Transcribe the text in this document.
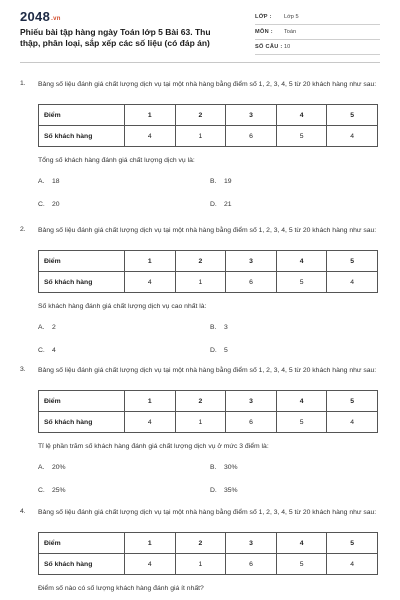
2048.vn
Phiếu bài tập hàng ngày Toán lớp 5 Bài 63. Thu thập, phân loại, sắp xếp các số liệu (có đáp án)
LỚP :	Lớp 5
MÔN :	Toán
SỐ CÂU : 10
1. Bảng số liệu đánh giá chất lượng dịch vụ tại một nhà hàng bằng điểm số 1, 2, 3, 4, 5 từ 20 khách hàng như sau:
Điểm	1	2	3	4	5
Số khách hàng	4	1	6	5	4
Tổng số khách hàng đánh giá chất lượng dịch vụ là:
A. 18	B. 19
C. 20	D. 21
2. Bảng số liệu đánh giá chất lượng dịch vụ tại một nhà hàng bằng điểm số 1, 2, 3, 4, 5 từ 20 khách hàng như sau:
Điểm	1	2	3	4	5
Số khách hàng	4	1	6	5	4
Số khách hàng đánh giá chất lượng dịch vụ cao nhất là:
A. 2	B. 3
C. 4	D. 5
3. Bảng số liệu đánh giá chất lượng dịch vụ tại một nhà hàng bằng điểm số 1, 2, 3, 4, 5 từ 20 khách hàng như sau:
Điểm	1	2	3	4	5
Số khách hàng	4	1	6	5	4
Tỉ lệ phần trăm số khách hàng đánh giá chất lượng dịch vụ ở mức 3 điểm là:
A. 20%	B. 30%
C. 25%	D. 35%
4. Bảng số liệu đánh giá chất lượng dịch vụ tại một nhà hàng bằng điểm số 1, 2, 3, 4, 5 từ 20 khách hàng như sau:
Điểm	1	2	3	4	5
Số khách hàng	4	1	6	5	4
Điểm số nào có số lượng khách hàng đánh giá ít nhất?
